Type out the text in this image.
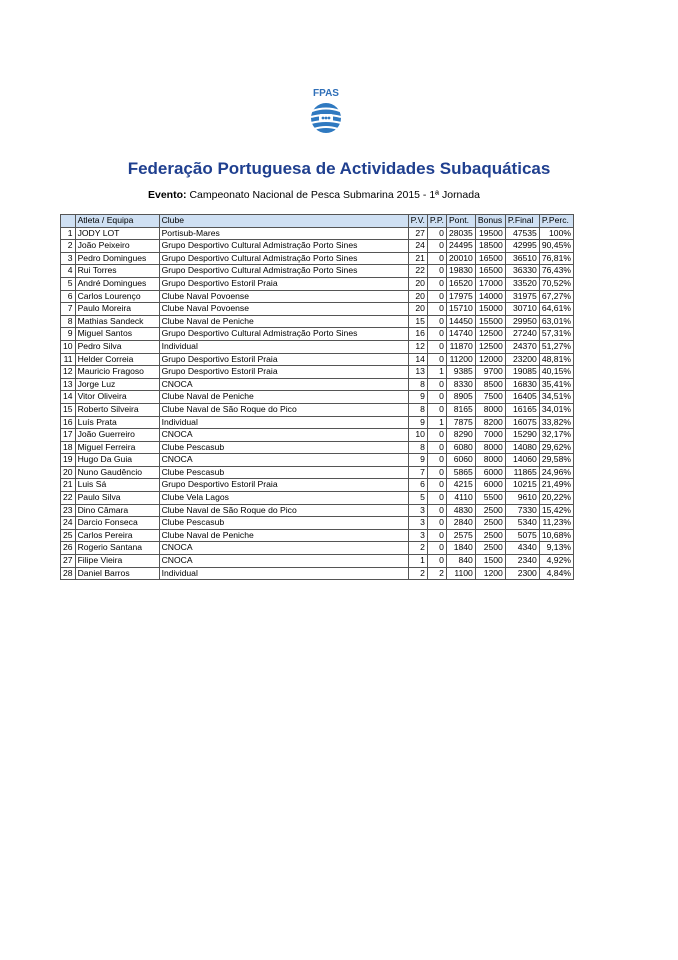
FPAS
Federação Portuguesa de Actividades Subaquáticas
Evento: Campeonato Nacional de Pesca Submarina 2015 - 1ª Jornada
	Atleta / Equipa	Clube	P.V.	P.P.	Pont.	Bonus	P.Final	P.Perc.
1	JODY LOT	Portisub-Mares	27	0	28035	19500	47535	100%
2	João Peixeiro	Grupo Desportivo Cultural Admistração Porto Sines	24	0	24495	18500	42995	90,45%
3	Pedro Domingues	Grupo Desportivo Cultural Admistração Porto Sines	21	0	20010	16500	36510	76,81%
4	Rui Torres	Grupo Desportivo Cultural Admistração Porto Sines	22	0	19830	16500	36330	76,43%
5	André Domingues	Grupo Desportivo Estoril Praia	20	0	16520	17000	33520	70,52%
6	Carlos Lourenço	Clube Naval Povoense	20	0	17975	14000	31975	67,27%
7	Paulo Moreira	Clube Naval Povoense	20	0	15710	15000	30710	64,61%
8	Mathias Sandeck	Clube Naval de Peniche	15	0	14450	15500	29950	63,01%
9	Miguel Santos	Grupo Desportivo Cultural Admistração Porto Sines	16	0	14740	12500	27240	57,31%
10	Pedro Silva	Individual	12	0	11870	12500	24370	51,27%
11	Helder Correia	Grupo Desportivo Estoril Praia	14	0	11200	12000	23200	48,81%
12	Mauricio Fragoso	Grupo Desportivo Estoril Praia	13	1	9385	9700	19085	40,15%
13	Jorge Luz	CNOCA	8	0	8330	8500	16830	35,41%
14	Vitor Oliveira	Clube Naval de Peniche	9	0	8905	7500	16405	34,51%
15	Roberto Silveira	Clube Naval de São Roque do Pico	8	0	8165	8000	16165	34,01%
16	Luís Prata	Individual	9	1	7875	8200	16075	33,82%
17	João Guerreiro	CNOCA	10	0	8290	7000	15290	32,17%
18	Miguel Ferreira	Clube Pescasub	8	0	6080	8000	14080	29,62%
19	Hugo Da Guia	CNOCA	9	0	6060	8000	14060	29,58%
20	Nuno Gaudêncio	Clube Pescasub	7	0	5865	6000	11865	24,96%
21	Luis Sá	Grupo Desportivo Estoril Praia	6	0	4215	6000	10215	21,49%
22	Paulo Silva	Clube Vela Lagos	5	0	4110	5500	9610	20,22%
23	Dino Câmara	Clube Naval de São Roque do Pico	3	0	4830	2500	7330	15,42%
24	Darcio Fonseca	Clube Pescasub	3	0	2840	2500	5340	11,23%
25	Carlos Pereira	Clube Naval de Peniche	3	0	2575	2500	5075	10,68%
26	Rogerio Santana	CNOCA	2	0	1840	2500	4340	9,13%
27	Filipe Vieira	CNOCA	1	0	840	1500	2340	4,92%
28	Daniel Barros	Individual	2	2	1100	1200	2300	4,84%
